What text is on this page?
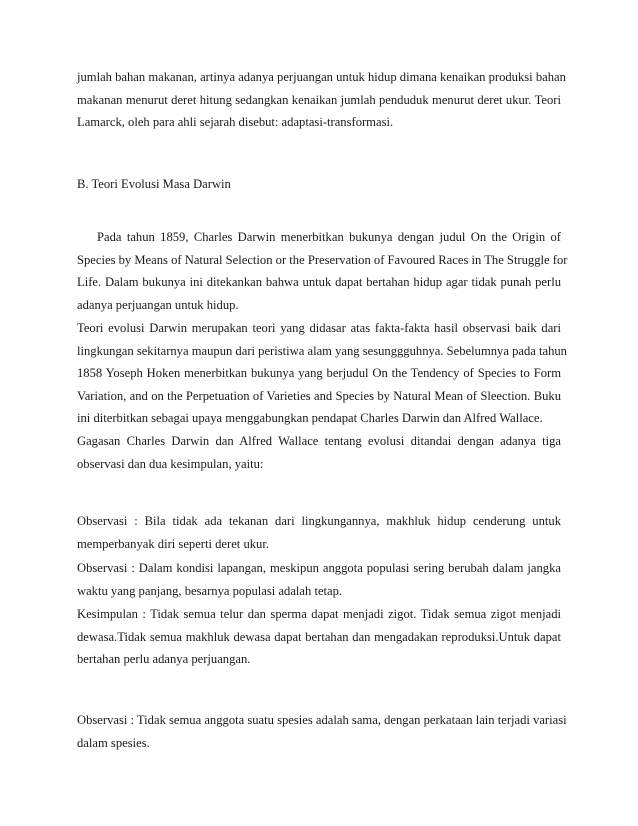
jumlah bahan makanan, artinya adanya perjuangan untuk hidup dimana kenaikan produksi bahan
makanan menurut deret hitung sedangkan kenaikan jumlah penduduk menurut deret ukur. Teori
Lamarck, oleh para ahli sejarah disebut: adaptasi-transformasi.
B. Teori Evolusi Masa Darwin
Pada tahun 1859, Charles Darwin menerbitkan bukunya dengan judul On the Origin of
Species by Means of Natural Selection or the Preservation of Favoured Races in The Struggle for
Life. Dalam bukunya ini ditekankan bahwa untuk dapat bertahan hidup agar tidak punah perlu
adanya perjuangan untuk hidup.
Teori evolusi Darwin merupakan teori yang didasar atas fakta-fakta hasil observasi baik dari
lingkungan sekitarnya maupun dari peristiwa alam yang sesunggguhnya. Sebelumnya pada tahun
1858 Yoseph Hoken menerbitkan bukunya yang berjudul On the Tendency of Species to Form
Variation, and on the Perpetuation of Varieties and Species by Natural Mean of Sleection. Buku
ini diterbitkan sebagai upaya menggabungkan pendapat Charles Darwin dan Alfred Wallace.
Gagasan Charles Darwin dan Alfred Wallace tentang evolusi ditandai dengan adanya tiga
observasi dan dua kesimpulan, yaitu:
Observasi : Bila tidak ada tekanan dari lingkungannya, makhluk hidup cenderung untuk
memperbanyak diri seperti deret ukur.
Observasi : Dalam kondisi lapangan, meskipun anggota populasi sering berubah dalam jangka
waktu yang panjang, besarnya populasi adalah tetap.
Kesimpulan : Tidak semua telur dan sperma dapat menjadi zigot. Tidak semua zigot menjadi
dewasa.Tidak semua makhluk dewasa dapat bertahan dan mengadakan reproduksi.Untuk dapat
bertahan perlu adanya perjuangan.
Observasi : Tidak semua anggota suatu spesies adalah sama, dengan perkataan lain terjadi variasi
dalam spesies.
